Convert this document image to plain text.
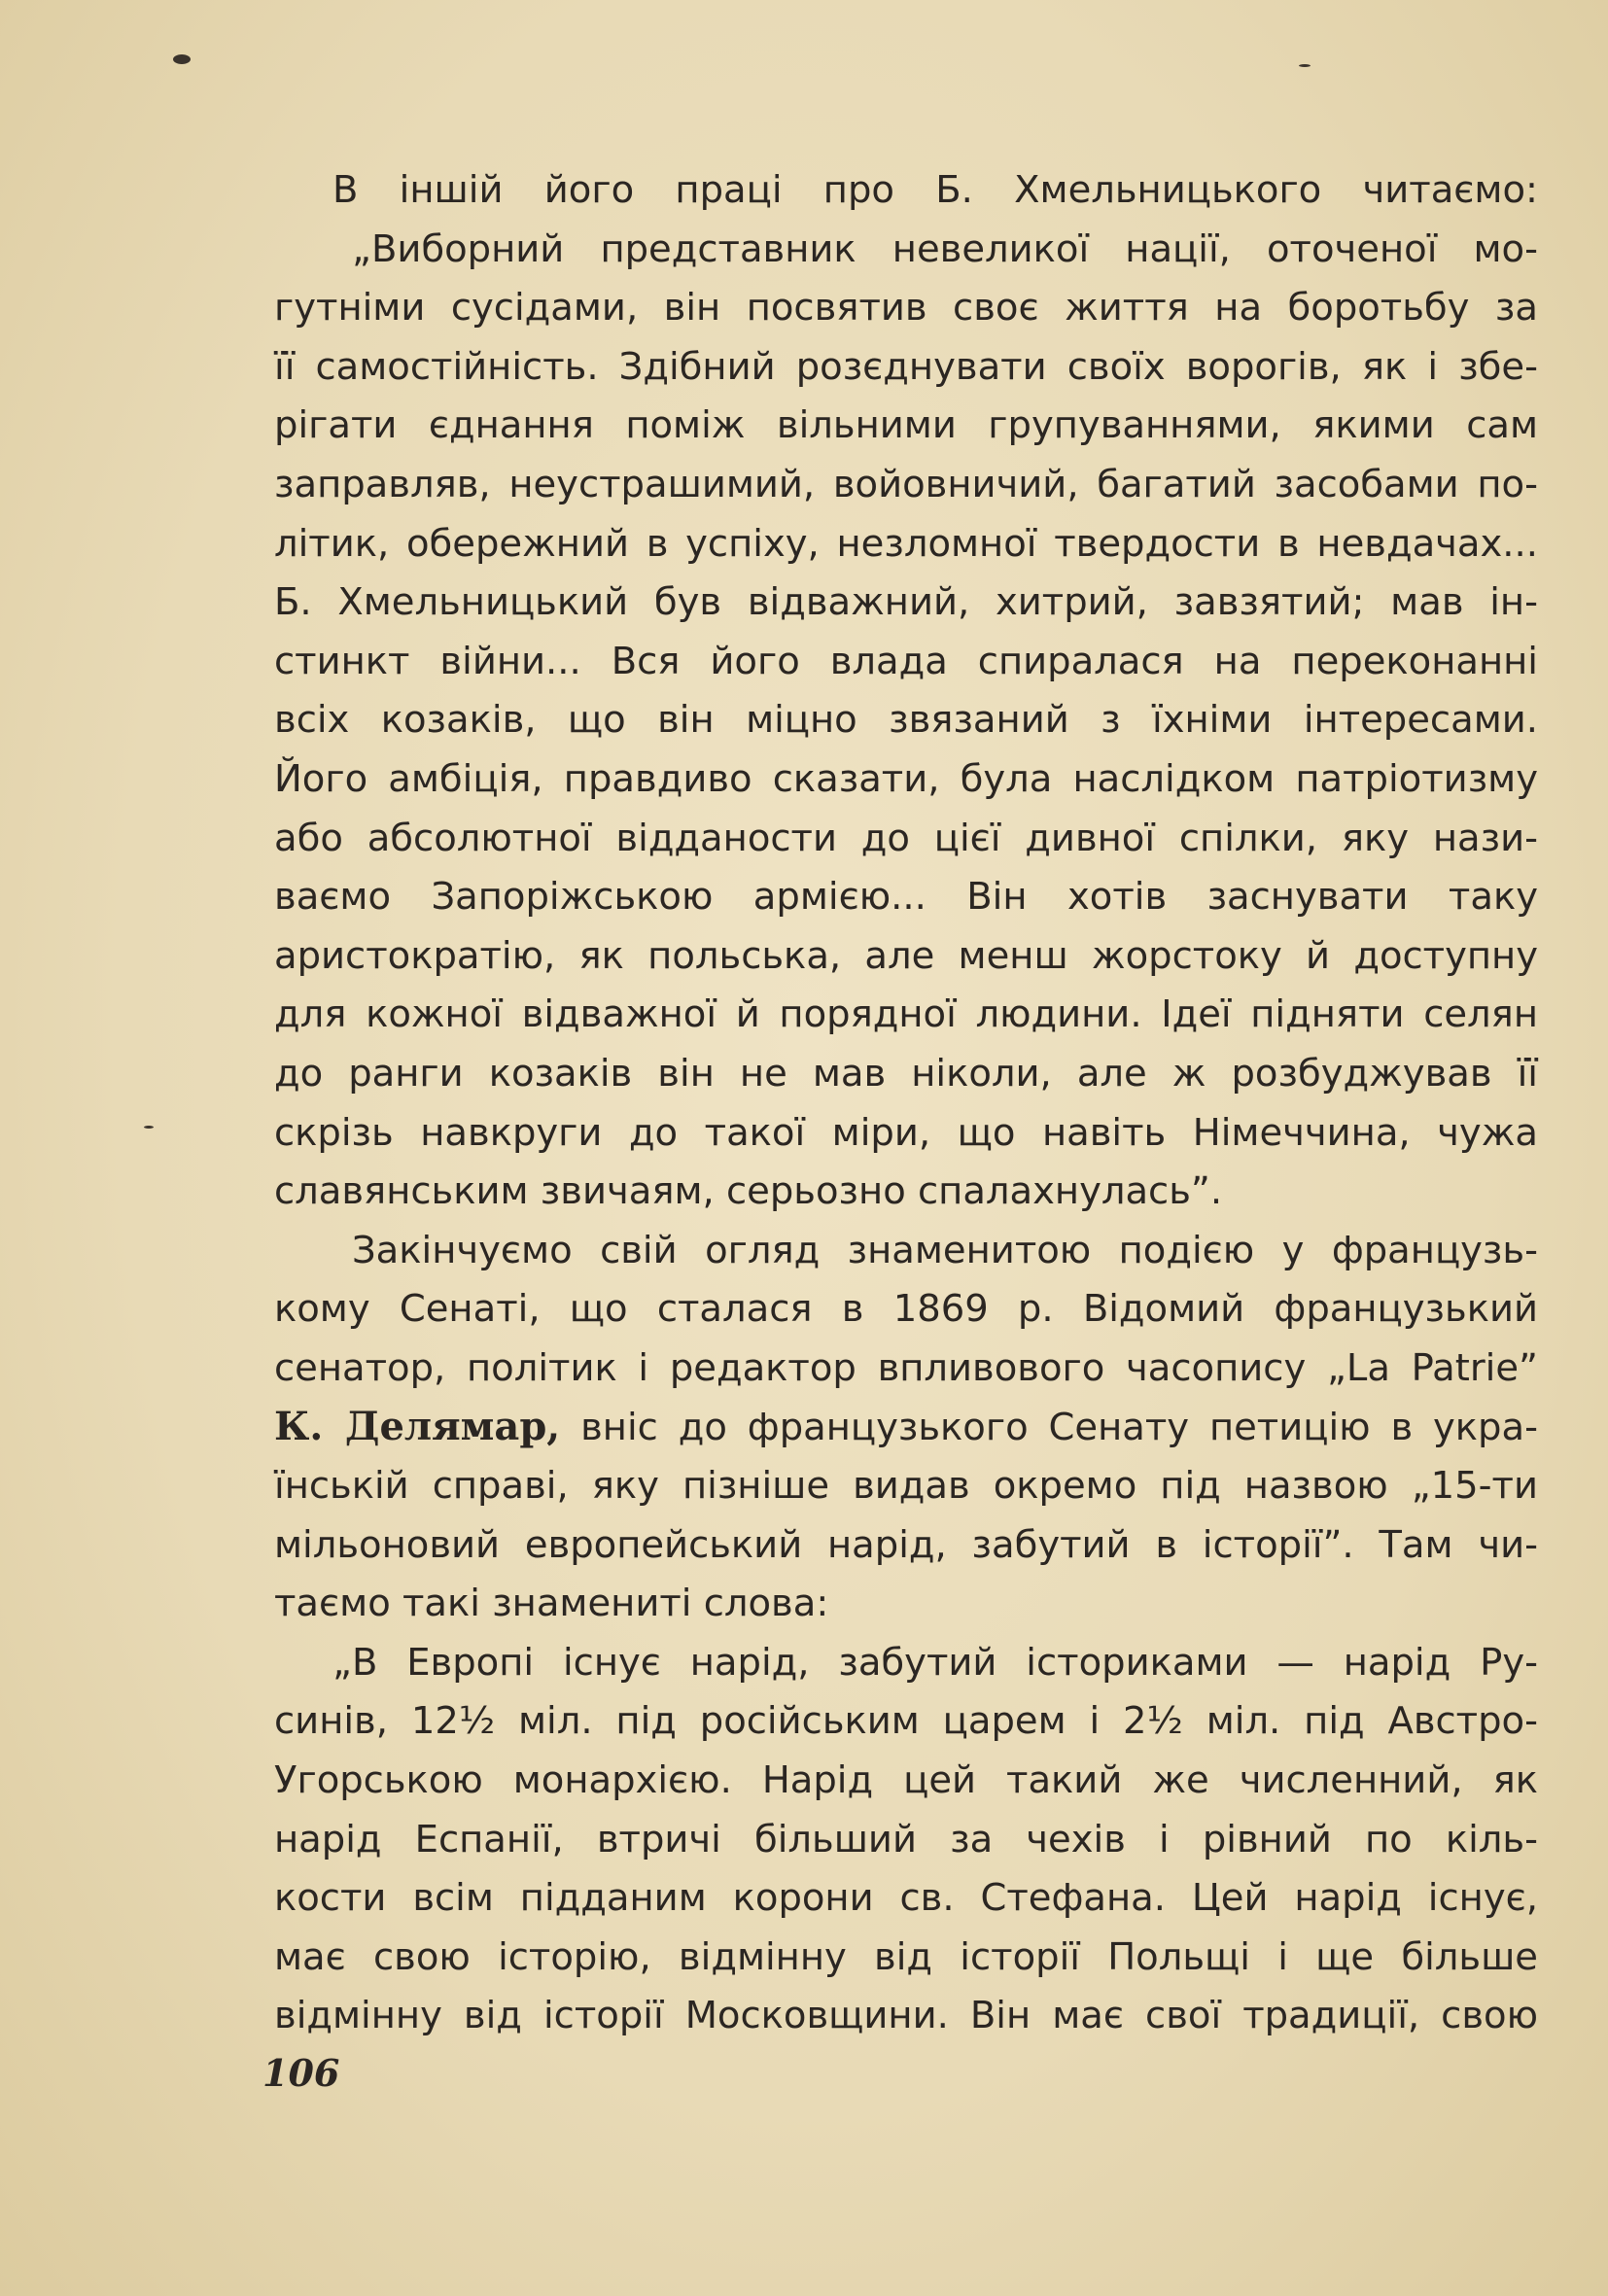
В іншій його праці про Б. Хмельницького читаємо:
„Виборний представник невеликої нації, оточеної мо-
гутніми сусідами, він посвятив своє життя на боротьбу за
її самостійність. Здібний розєднувати своїх ворогів, як і збе-
рігати єднання поміж вільними групуваннями, якими сам
заправляв, неустрашимий, войовничий, багатий засобами по-
літик, обережний в успіху, незломної твердости в невдачах...
Б. Хмельницький був відважний, хитрий, завзятий; мав ін-
стинкт війни... Вся його влада спиралася на переконанні
всіх козаків, що він міцно звязаний з їхніми інтересами.
Його амбіція, правдиво сказати, була наслідком патріотизму
або абсолютної відданости до цієї дивної спілки, яку нази-
ваємо Запоріжською армією... Він хотів заснувати таку
аристократію, як польська, але менш жорстоку й доступну
для кожної відважної й порядної людини. Ідеї підняти селян
до ранги козаків він не мав ніколи, але ж розбуджував її
скрізь навкруги до такої міри, що навіть Німеччина, чужа
славянським звичаям, серьозно спалахнулась”.
Закінчуємо свій огляд знаменитою подією у французь-
кому Сенаті, що сталася в 1869 р. Відомий французький
сенатор, політик і редактор впливового часопису „La Patrie”
К. Делямар, вніс до французького Сенату петицію в укра-
їнській справі, яку пізніше видав окремо під назвою „15-ти
мільоновий европейський нарід, забутий в історії”. Там чи-
таємо такі знамениті слова:
„В Европі існує нарід, забутий істориками — нарід Ру-
синів, 12½ міл. під російським царем і 2½ міл. під Австро-
Угорською монархією. Нарід цей такий же численний, як
нарід Еспанії, втричі більший за чехів і рівний по кіль-
кости всім підданим корони св. Стефана. Цей нарід існує,
має свою історію, відмінну від історії Польщі і ще більше
відмінну від історії Московщини. Він має свої традиції, свою
106
